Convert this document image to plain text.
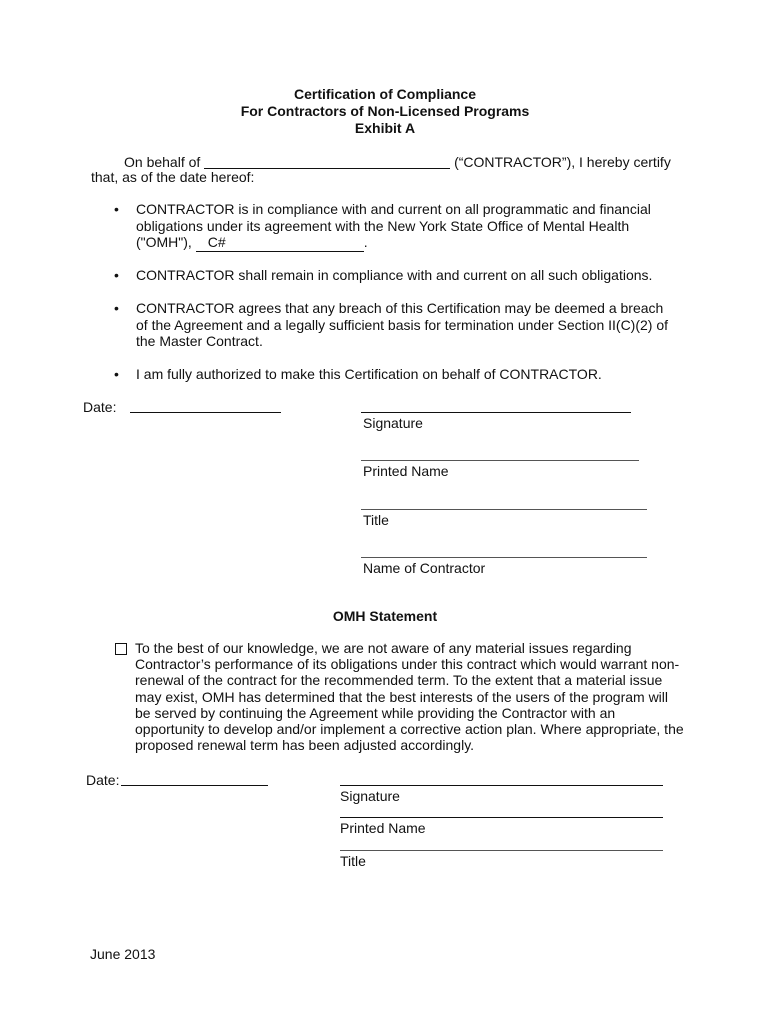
Certification of Compliance
For Contractors of Non-Licensed Programs
Exhibit A
On behalf of	(“CONTRACTOR”), I hereby certify
that, as of the date hereof:
• CONTRACTOR is in compliance with and current on all programmatic and financial obligations under its agreement with the New York State Office of Mental Health ("OMH"), C#	.
• CONTRACTOR shall remain in compliance with and current on all such obligations.
• CONTRACTOR agrees that any breach of this Certification may be deemed a breach of the Agreement and a legally sufficient basis for termination under Section II(C)(2) of the Master Contract.
• I am fully authorized to make this Certification on behalf of CONTRACTOR.
Date:
Signature
Printed Name
Title
Name of Contractor
OMH Statement
To the best of our knowledge, we are not aware of any material issues regarding Contractor’s performance of its obligations under this contract which would warrant non-renewal of the contract for the recommended term. To the extent that a material issue may exist, OMH has determined that the best interests of the users of the program will be served by continuing the Agreement while providing the Contractor with an opportunity to develop and/or implement a corrective action plan. Where appropriate, the proposed renewal term has been adjusted accordingly.
Date:
Signature
Printed Name
Title
June 2013
